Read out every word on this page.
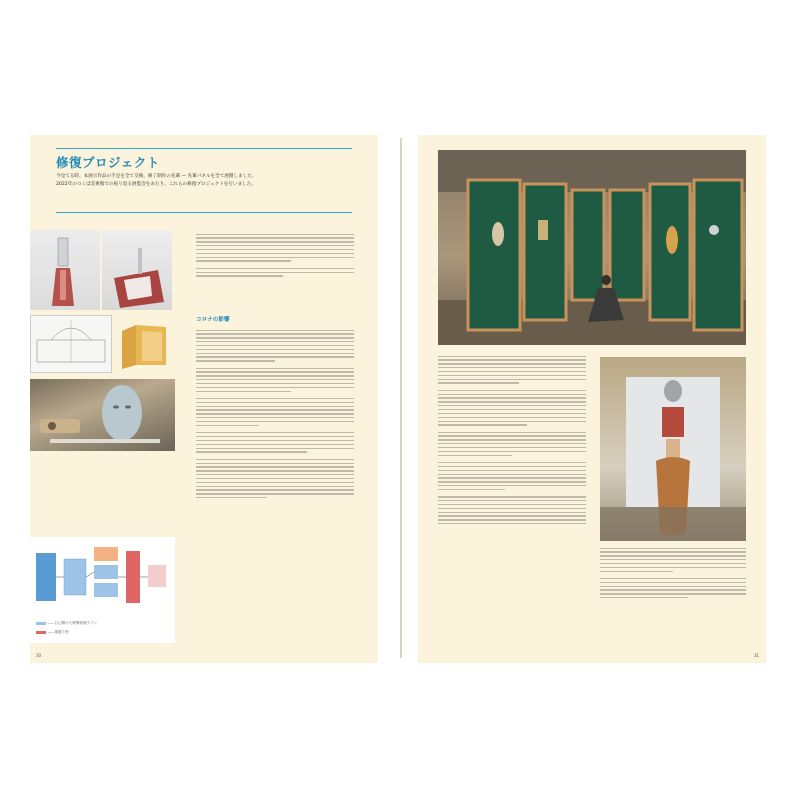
修復プロジェクト
今見てる時、本展示作品の手足を全て交換、修了制作の先輩 ― 先輩パネルを全て展開しました。
2022年のつくば美術館での振り返る展覧会をあたり、これらの修復プロジェクトを行いました。
――日に開けた時間管理ライン
――後期工程
コロナの影響
30	31
